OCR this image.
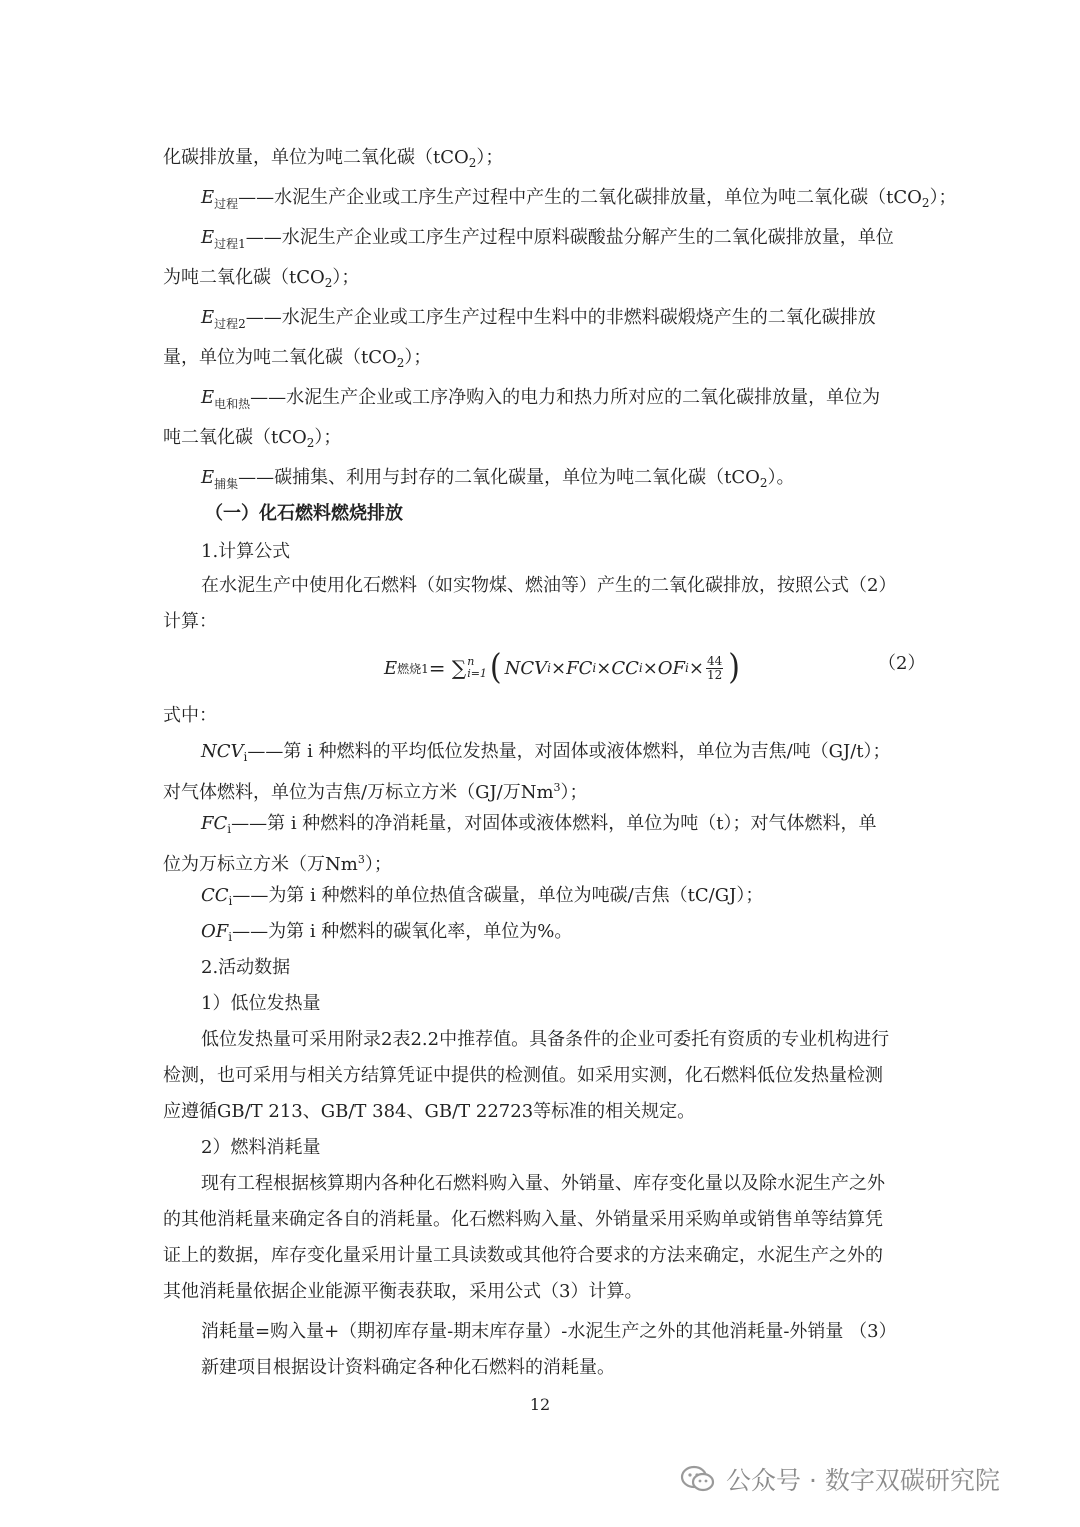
化碳排放量，单位为吨二氧化碳（tCO$_2$）；
$E_{过程}——$水泥生产企业或工序生产过程中产生的二氧化碳排放量，单位为吨二氧化碳（tCO$_2$）；
$E_{过程1}——$水泥生产企业或工序生产过程中原料碳酸盐分解产生的二氧化碳排放量，单位
为吨二氧化碳（tCO$_2$）；
$E_{过程2}——$水泥生产企业或工序生产过程中生料中的非燃料碳煅烧产生的二氧化碳排放
量，单位为吨二氧化碳（tCO$_2$）；
$E_{电和热}——$水泥生产企业或工序净购入的电力和热力所对应的二氧化碳排放量，单位为
吨二氧化碳（tCO$_2$）；
$E_{捕集}——$碳捕集、利用与封存的二氧化碳量，单位为吨二氧化碳（tCO$_2$）。
（一）化石燃料燃烧排放
1.计算公式
在水泥生产中使用化石燃料（如实物煤、燃油等）产生的二氧化碳排放，按照公式（2）
计算：
E 燃烧1 = ∑ n
i=1 ( NCV i × FC i × CC i × OF $i \times \frac{44}{12}$ )	（2）
式中：
$NCV_i——$第 i 种燃料的平均低位发热量，对固体或液体燃料，单位为吉焦/吨（GJ/t）；
对气体燃料，单位为吉焦/万标立方米（GJ/万Nm$^3$）；
$FC_i——$第 i 种燃料的净消耗量，对固体或液体燃料，单位为吨（t）；对气体燃料，单
位为万标立方米（万Nm$^3$）；
$CC_i——$为第 i 种燃料的单位热值含碳量，单位为吨碳/吉焦（tC/GJ）；
$OF_i——$为第 i 种燃料的碳氧化率，单位为%。
2.活动数据
1）低位发热量
低位发热量可采用附录2表2.2中推荐值。具备条件的企业可委托有资质的专业机构进行
检测，也可采用与相关方结算凭证中提供的检测值。如采用实测，化石燃料低位发热量检测
应遵循GB/T 213、GB/T 384、GB/T 22723等标准的相关规定。
2）燃料消耗量
现有工程根据核算期内各种化石燃料购入量、外销量、库存变化量以及除水泥生产之外
的其他消耗量来确定各自的消耗量。化石燃料购入量、外销量采用采购单或销售单等结算凭
证上的数据，库存变化量采用计量工具读数或其他符合要求的方法来确定，水泥生产之外的
其他消耗量依据企业能源平衡表获取，采用公式（3）计算。
消耗量=购入量+（期初库存量-期末库存量）-水泥生产之外的其他消耗量-外销量 （3）
新建项目根据设计资料确定各种化石燃料的消耗量。
12
公众号 · 数字双碳研究院
